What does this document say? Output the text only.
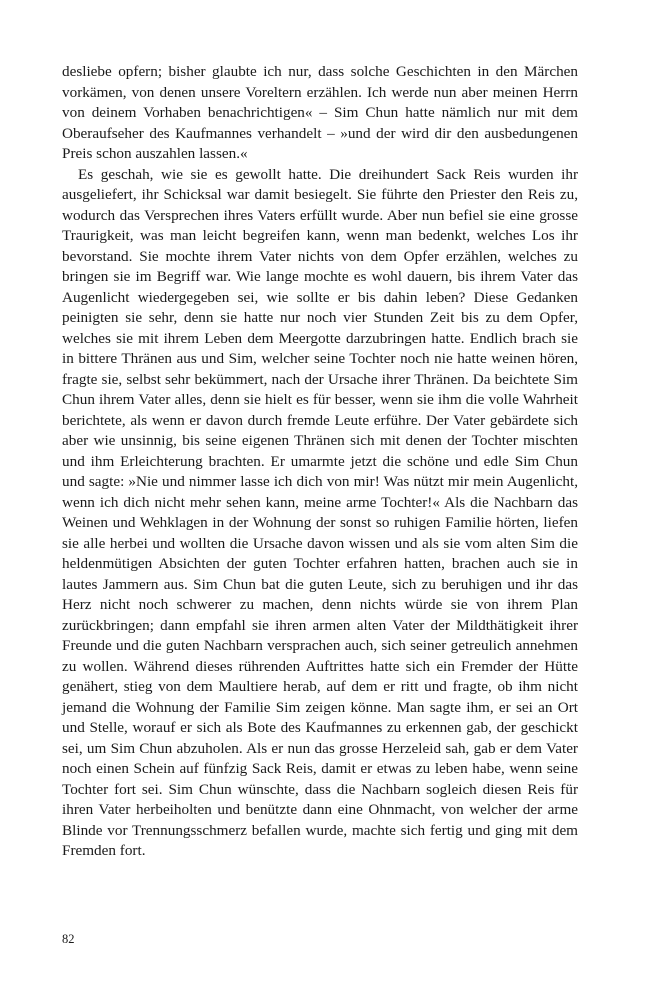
desliebe opfern; bisher glaubte ich nur, dass solche Geschichten in den Märchen vorkämen, von denen unsere Voreltern erzählen. Ich werde nun aber meinen Herrn von deinem Vorhaben benachrichtigen« – Sim Chun hatte nämlich nur mit dem Oberaufseher des Kaufmannes verhandelt – »und der wird dir den ausbedungenen Preis schon auszahlen lassen.«

Es geschah, wie sie es gewollt hatte. Die dreihundert Sack Reis wurden ihr ausgeliefert, ihr Schicksal war damit besiegelt. Sie führte den Priester den Reis zu, wodurch das Versprechen ihres Vaters erfüllt wurde. Aber nun befiel sie eine grosse Traurigkeit, was man leicht begreifen kann, wenn man bedenkt, welches Los ihr bevorstand. Sie mochte ihrem Vater nichts von dem Opfer erzählen, welches zu bringen sie im Begriff war. Wie lange mochte es wohl dauern, bis ihrem Vater das Augenlicht wiedergegeben sei, wie sollte er bis dahin leben? Diese Gedanken peinigten sie sehr, denn sie hatte nur noch vier Stunden Zeit bis zu dem Opfer, welches sie mit ihrem Leben dem Meergotte darzubringen hatte. Endlich brach sie in bittere Thränen aus und Sim, welcher seine Tochter noch nie hatte weinen hören, fragte sie, selbst sehr bekümmert, nach der Ursache ihrer Thränen. Da beichtete Sim Chun ihrem Vater alles, denn sie hielt es für besser, wenn sie ihm die volle Wahrheit berichtete, als wenn er davon durch fremde Leute erführe. Der Vater gebärdete sich aber wie unsinnig, bis seine eigenen Thränen sich mit denen der Tochter mischten und ihm Erleichterung brachten. Er umarmte jetzt die schöne und edle Sim Chun und sagte: »Nie und nimmer lasse ich dich von mir! Was nützt mir mein Augenlicht, wenn ich dich nicht mehr sehen kann, meine arme Tochter!« Als die Nachbarn das Weinen und Wehklagen in der Wohnung der sonst so ruhigen Familie hörten, liefen sie alle herbei und wollten die Ursache davon wissen und als sie vom alten Sim die heldenmütigen Absichten der guten Tochter erfahren hatten, brachen auch sie in lautes Jammern aus. Sim Chun bat die guten Leute, sich zu beruhigen und ihr das Herz nicht noch schwerer zu machen, denn nichts würde sie von ihrem Plan zurückbringen; dann empfahl sie ihren armen alten Vater der Mildthätigkeit ihrer Freunde und die guten Nachbarn versprachen auch, sich seiner getreulich annehmen zu wollen. Während dieses rührenden Auftrittes hatte sich ein Fremder der Hütte genähert, stieg von dem Maultiere herab, auf dem er ritt und fragte, ob ihm nicht jemand die Wohnung der Familie Sim zeigen könne. Man sagte ihm, er sei an Ort und Stelle, worauf er sich als Bote des Kaufmannes zu erkennen gab, der geschickt sei, um Sim Chun abzuholen. Als er nun das grosse Herzeleid sah, gab er dem Vater noch einen Schein auf fünfzig Sack Reis, damit er etwas zu leben habe, wenn seine Tochter fort sei. Sim Chun wünschte, dass die Nachbarn sogleich diesen Reis für ihren Vater herbeiholten und benützte dann eine Ohnmacht, von welcher der arme Blinde vor Trennungsschmerz befallen wurde, machte sich fertig und ging mit dem Fremden fort.

82
